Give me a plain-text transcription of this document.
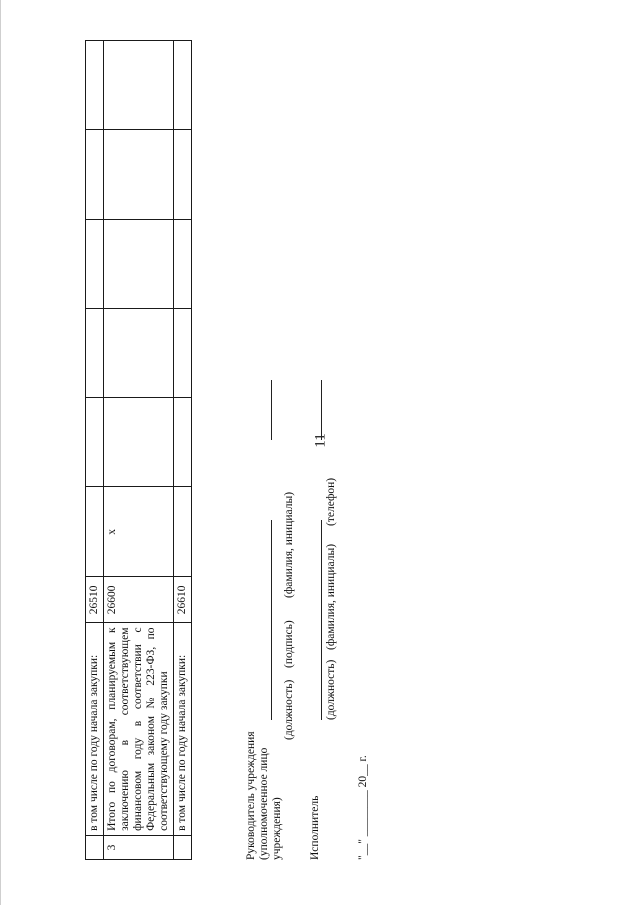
11
	в том числе по году начала закупки:	26510						
3	Итого по договорам, планируемым к заключению в соответствующем финансовом году в соответствии с Федеральным законом № 223-ФЗ, по соответствующему году закупки	26600	x					
	в том числе по году начала закупки:	26610						
Руководитель учреждения (уполномоченное лицо учреждения)
(должность)
(подпись)
(фамилия, инициалы)
Исполнитель
(должность)
(фамилия, инициалы)
(телефон)
"__" ________ 20__ г.
